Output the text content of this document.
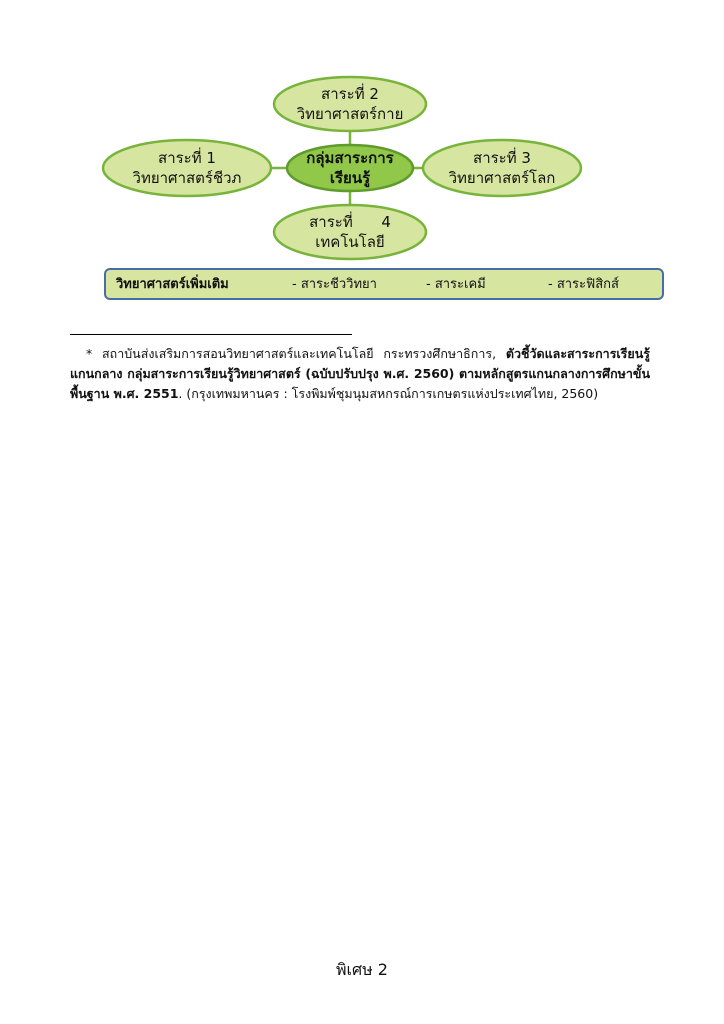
สาระที่ 2
วิทยาศาสตร์กาย
สาระที่ 1
วิทยาศาสตร์ชีวภ
สาระที่ 3
วิทยาศาสตร์โลก
สาระที่      4
เทคโนโลยี
กลุ่มสาระการ
เรียนรู้
วิทยาศาสตร์เพิ่มเติม	- สาระชีววิทยา	- สาระเคมี	- สาระฟิสิกส์
* สถาบันส่งเสริมการสอนวิทยาศาสตร์และเทคโนโลยี กระทรวงศึกษาธิการ, ตัวชี้วัดและสาระการเรียนรู้แกนกลาง กลุ่มสาระการเรียนรู้วิทยาศาสตร์ (ฉบับปรับปรุง พ.ศ. 2560) ตามหลักสูตรแกนกลางการศึกษาขั้นพื้นฐาน พ.ศ. 2551. (กรุงเทพมหานคร : โรงพิมพ์ชุมนุมสหกรณ์การเกษตรแห่งประเทศไทย, 2560)
พิเศษ 2
